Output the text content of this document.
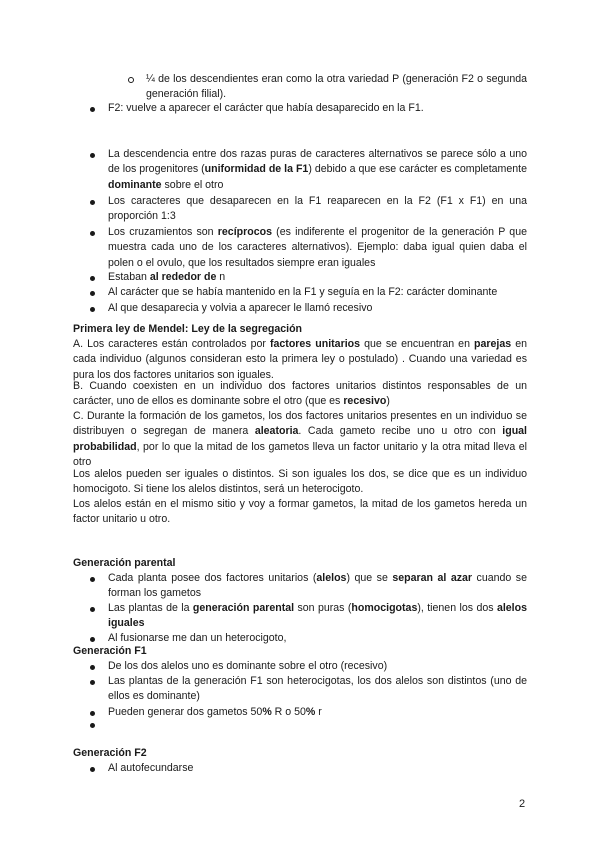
¼ de los descendientes eran como la otra variedad P (generación F2 o segunda generación filial).

F2: vuelve a aparecer el carácter que había desaparecido en la F1.

La descendencia entre dos razas puras de caracteres alternativos se parece sólo a uno de los progenitores (uniformidad de la F1) debido a que ese carácter es completamente dominante sobre el otro

Los caracteres que desaparecen en la F1 reaparecen en la F2 (F1 x F1) en una proporción 1:3

Los cruzamientos son recíprocos (es indiferente el progenitor de la generación P que muestra cada uno de los caracteres alternativos). Ejemplo: daba igual quien daba el polen o el ovulo, que los resultados siempre eran iguales

Estaban al rededor de n

Al carácter que se había mantenido en la F1 y seguía en la F2: carácter dominante

Al que desaparecia y volvia a aparecer le llamó recesivo

Primera ley de Mendel: Ley de la segregación

A. Los caracteres están controlados por factores unitarios que se encuentran en parejas en cada individuo (algunos consideran esto la primera ley o postulado) . Cuando una variedad es pura los dos factores unitarios son iguales.

B. Cuando coexisten en un individuo dos factores unitarios distintos responsables de un carácter, uno de ellos es dominante sobre el otro (que es recesivo)

C. Durante la formación de los gametos, los dos factores unitarios presentes en un individuo se distribuyen o segregan de manera aleatoria. Cada gameto recibe uno u otro con igual probabilidad, por lo que la mitad de los gametos lleva un factor unitario y la otra mitad lleva el otro

Los alelos pueden ser iguales o distintos. Si son iguales los dos, se dice que es un individuo homocigoto. Si tiene los alelos distintos, será un heterocigoto.

Los alelos están en el mismo sitio y voy a formar gametos, la mitad de los gametos hereda un factor unitario u otro.

Generación parental

Cada planta posee dos factores unitarios (alelos) que se separan al azar cuando se forman los gametos

Las plantas de la generación parental son puras (homocigotas), tienen los dos alelos iguales

Al fusionarse me dan un heterocigoto,

Generación F1

De los dos alelos uno es dominante sobre el otro (recesivo)

Las plantas de la generación F1 son heterocigotas, los dos alelos son distintos (uno de ellos es dominante)

Pueden generar dos gametos 50% R o 50% r

Generación F2

Al autofecundarse

2
